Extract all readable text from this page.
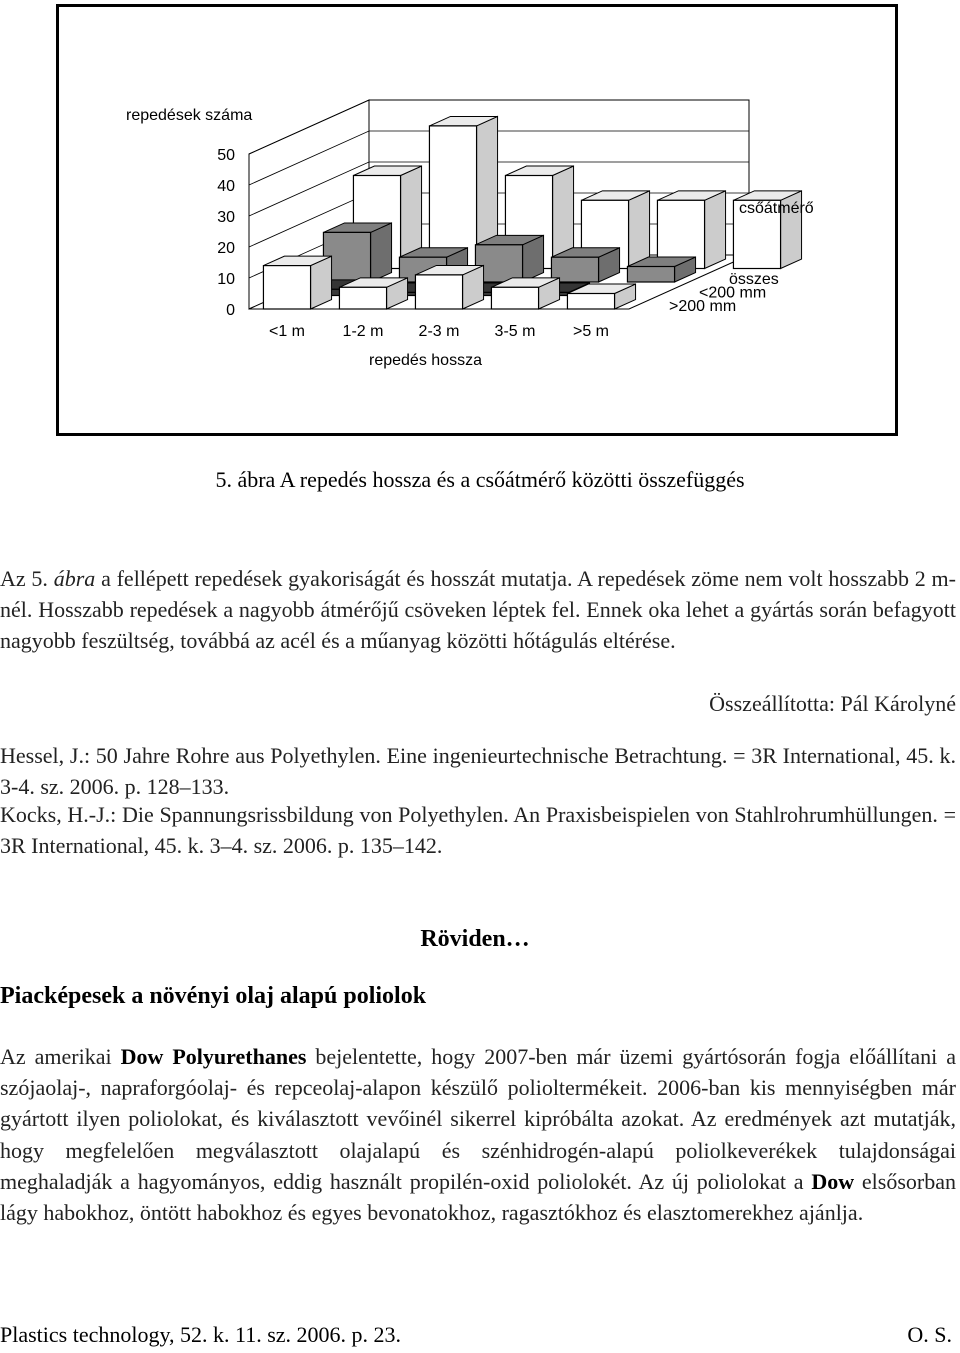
repedések száma
repedés hossza
csőátmérő
0
10
20
30
40
50
<1 m 1-2 m 2-3 m 3-5 m >5 m
>200 mm
<200 mm
összes
5. ábra A repedés hossza és a csőátmérő közötti összefüggés

Az 5. ábra a fellépett repedések gyakoriságát és hosszát mutatja. A repedések zöme nem volt hosszabb 2 m-nél. Hosszabb repedések a nagyobb átmérőjű csöveken léptek fel. Ennek oka lehet a gyártás során befagyott nagyobb feszültség, továbbá az acél és a műanyag közötti hőtágulás eltérése.

Összeállította: Pál Károlyné

Hessel, J.: 50 Jahre Rohre aus Polyethylen. Eine ingenieurtechnische Betrachtung. = 3R International, 45. k. 3-4. sz. 2006. p. 128–133.

Kocks, H.-J.: Die Spannungsrissbildung von Polyethylen. An Praxisbeispielen von Stahlrohrumhüllungen. = 3R International, 45. k. 3–4. sz. 2006. p. 135–142.

Röviden…
Piacképesek a növényi olaj alapú poliolok

Az amerikai Dow Polyurethanes bejelentette, hogy 2007-ben már üzemi gyártósorán fogja előállítani a szójaolaj-, napraforgóolaj- és repceolaj-alapon készülő polioltermékeit. 2006-ban kis mennyiségben már gyártott ilyen poliolokat, és kiválasztott vevőinél sikerrel kipróbálta azokat. Az eredmények azt mutatják, hogy megfelelően megválasztott olajalapú és szénhidrogén-alapú poliolkeverékek tulajdonságai meghaladják a hagyományos, eddig használt propilén-oxid poliolokét. Az új poliolokat a Dow elsősorban lágy habokhoz, öntött habokhoz és egyes bevonatokhoz, ragasztókhoz és elasztomerekhez ajánlja.

Plastics technology, 52. k. 11. sz. 2006. p. 23.	O. S.
